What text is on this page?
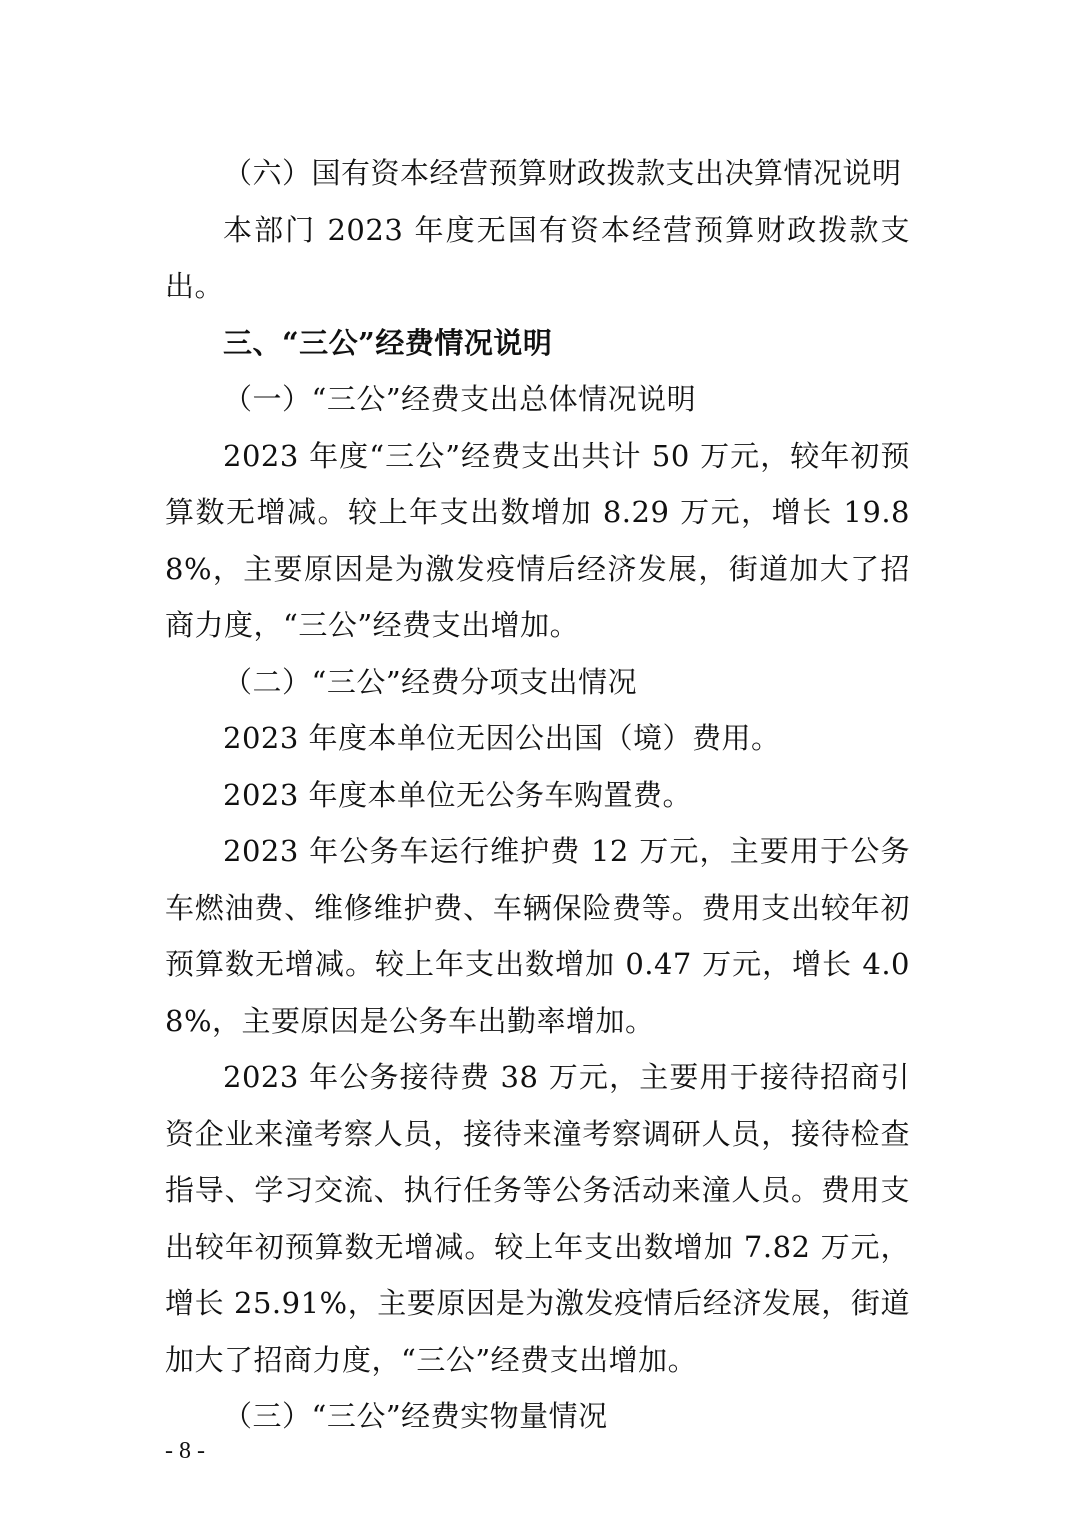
（六）国有资本经营预算财政拨款支出决算情况说明

本部门 2023 年度无国有资本经营预算财政拨款支出。

三、“三公”经费情况说明

（一）“三公”经费支出总体情况说明

2023 年度“三公”经费支出共计 50 万元，较年初预算数无增减。较上年支出数增加 8.29 万元，增长 19.88%，主要原因是为激发疫情后经济发展，街道加大了招商力度，“三公”经费支出增加。

（二）“三公”经费分项支出情况

2023 年度本单位无因公出国（境）费用。

2023 年度本单位无公务车购置费。

2023 年公务车运行维护费 12 万元，主要用于公务车燃油费、维修维护费、车辆保险费等。费用支出较年初预算数无增减。较上年支出数增加 0.47 万元，增长 4.08%，主要原因是公务车出勤率增加。

2023 年公务接待费 38 万元，主要用于接待招商引资企业来潼考察人员，接待来潼考察调研人员，接待检查指导、学习交流、执行任务等公务活动来潼人员。费用支出较年初预算数无增减。较上年支出数增加 7.82 万元，增长 25.91%，主要原因是为激发疫情后经济发展，街道加大了招商力度，“三公”经费支出增加。

（三）“三公”经费实物量情况

- 8 -
